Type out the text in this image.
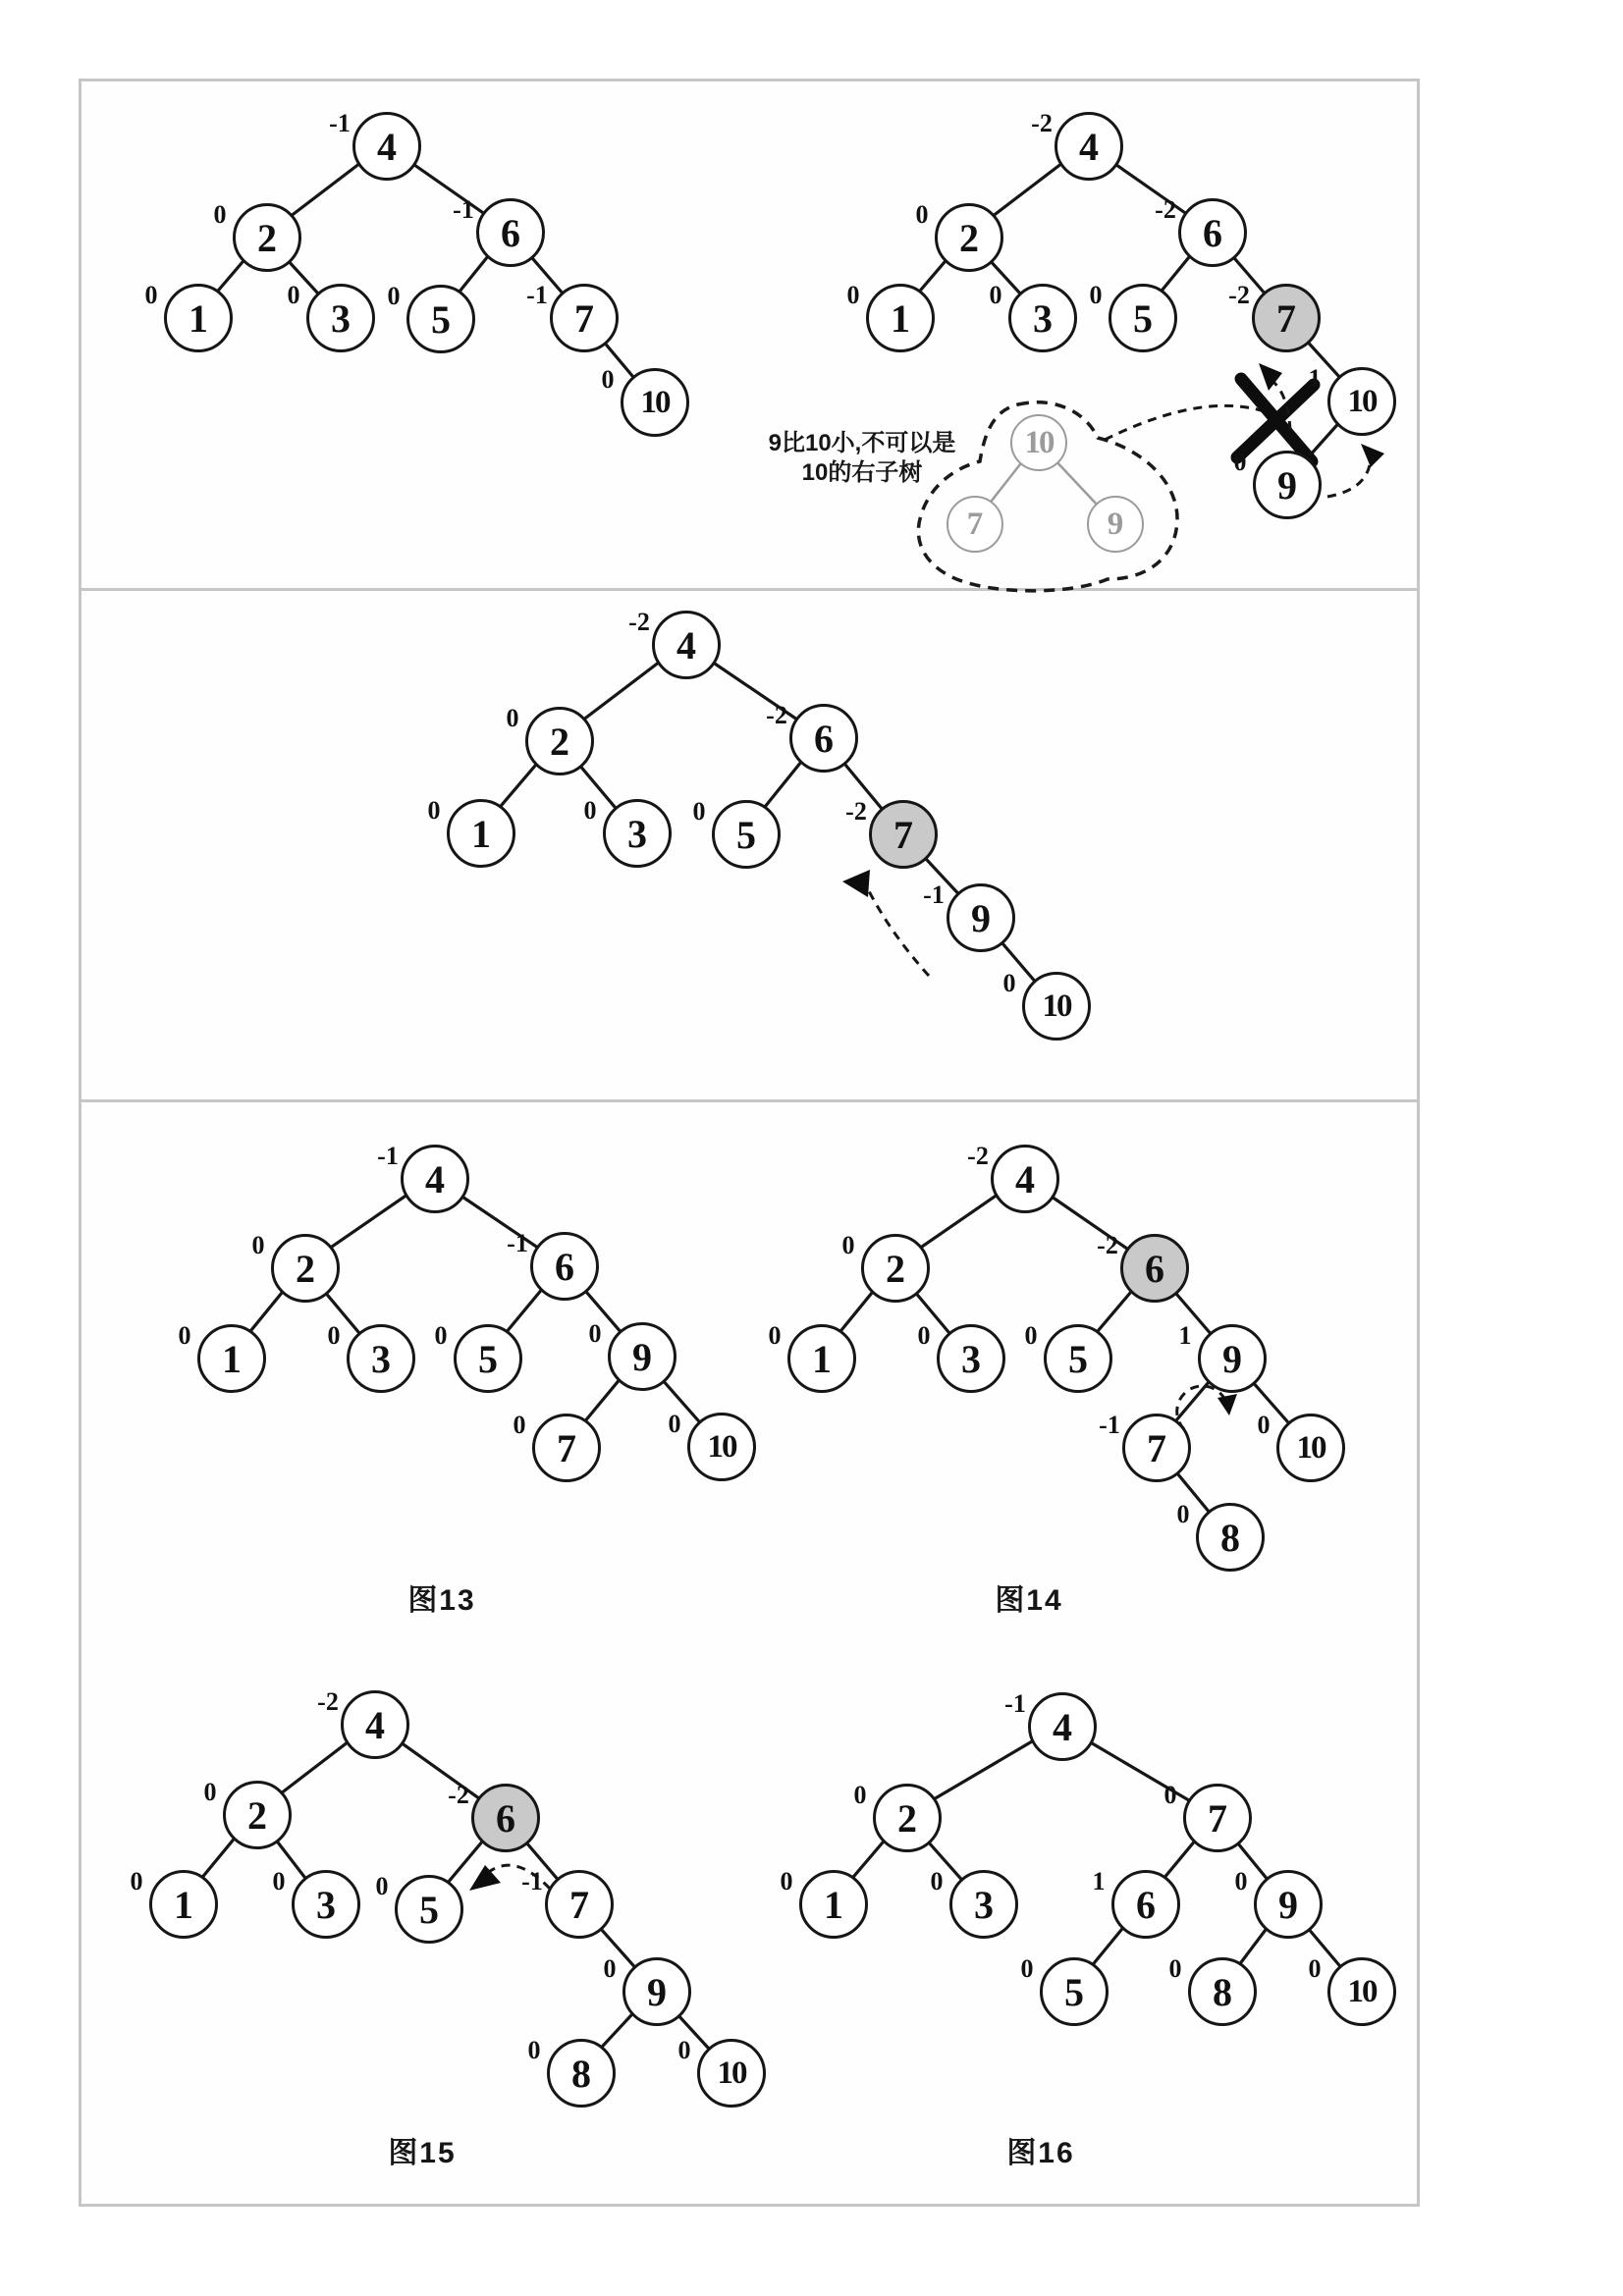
4
-1
2
0	6
-1
1
0
3
0
5
0	7
-1
10
0
4
-2
2
0	6
-2
1
0
3
0
5
0
7
-2
10
1
9
0
4
-2
2
0	6
-2
1
0
3
0
5
0
7
-2
9
-1
10
0
4
-1
2
0	6
-1
1
0
3
0
5
0	9
0
7
0
10
0
4
-2
2
0
6
-2
1
0
3
0
5
0
9
1
7
-1
10
0
8
0
4
-2
2
0
6
-2
1
0
3
0
5
0	7
-1
9
0
8
0
10
0
4
-1
2
0
7
0
1
0
3
0
6
1
9
0
5
0
8
0
10
0
10
7	9
9比10小,不可以是
10的右子树
图13	图14
图15	图16
